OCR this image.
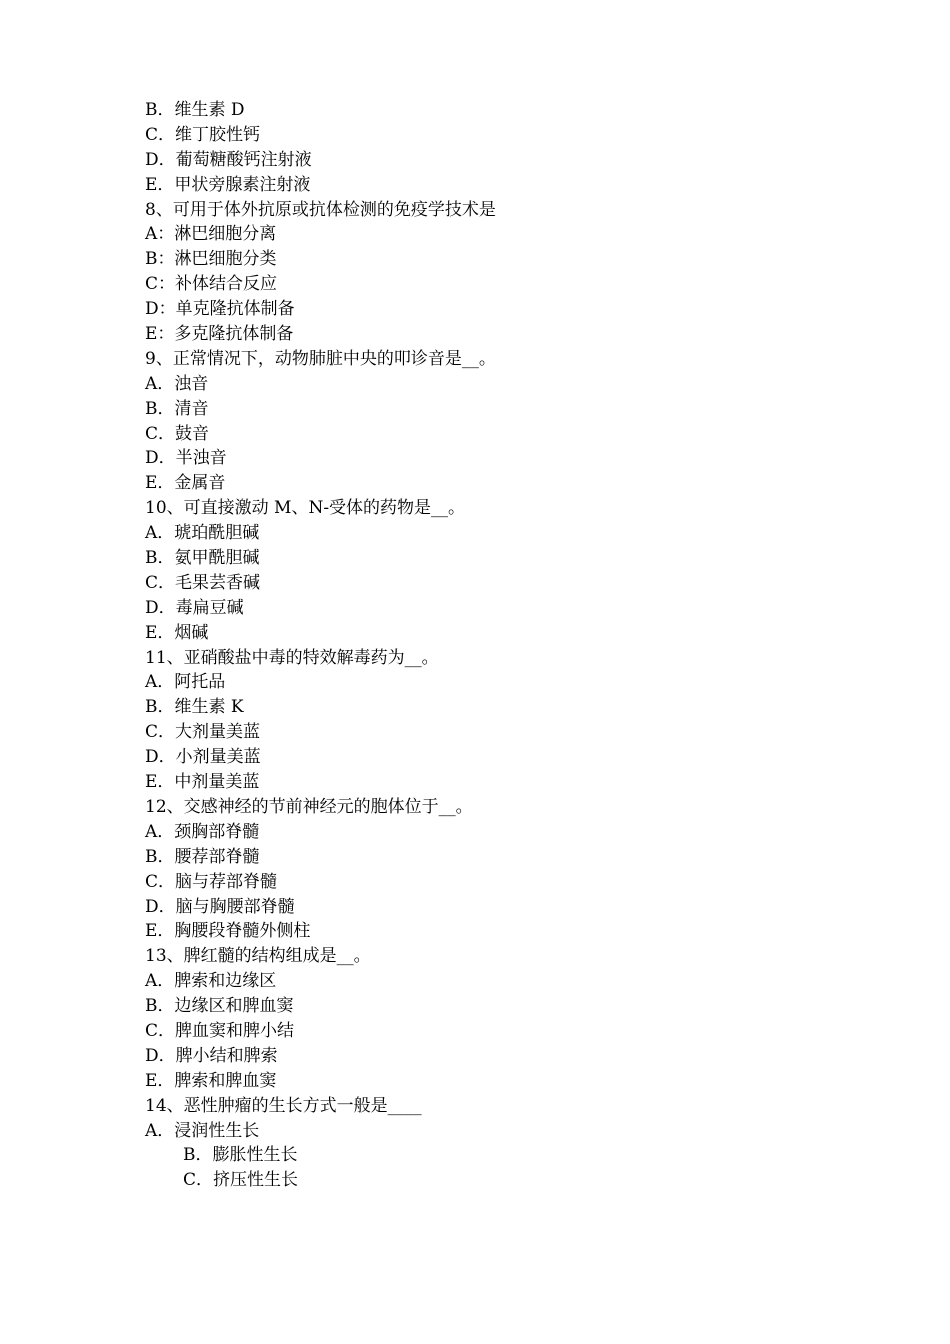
B．维生素 D
C．维丁胶性钙
D．葡萄糖酸钙注射液
E．甲状旁腺素注射液
8、可用于体外抗原或抗体检测的免疫学技术是
A：淋巴细胞分离
B：淋巴细胞分类
C：补体结合反应
D：单克隆抗体制备
E：多克隆抗体制备
9、正常情况下，动物肺脏中央的叩诊音是__。
A．浊音
B．清音
C．鼓音
D．半浊音
E．金属音
10、可直接激动 M、N-受体的药物是__。
A．琥珀酰胆碱
B．氨甲酰胆碱
C．毛果芸香碱
D．毒扁豆碱
E．烟碱
11、亚硝酸盐中毒的特效解毒药为__。
A．阿托品
B．维生素 K
C．大剂量美蓝
D．小剂量美蓝
E．中剂量美蓝
12、交感神经的节前神经元的胞体位于__。
A．颈胸部脊髓
B．腰荐部脊髓
C．脑与荐部脊髓
D．脑与胸腰部脊髓
E．胸腰段脊髓外侧柱
13、脾红髓的结构组成是__。
A．脾索和边缘区
B．边缘区和脾血窦
C．脾血窦和脾小结
D．脾小结和脾索
E．脾索和脾血窦
14、恶性肿瘤的生长方式一般是____
A．浸润性生长
B．膨胀性生长
C．挤压性生长
